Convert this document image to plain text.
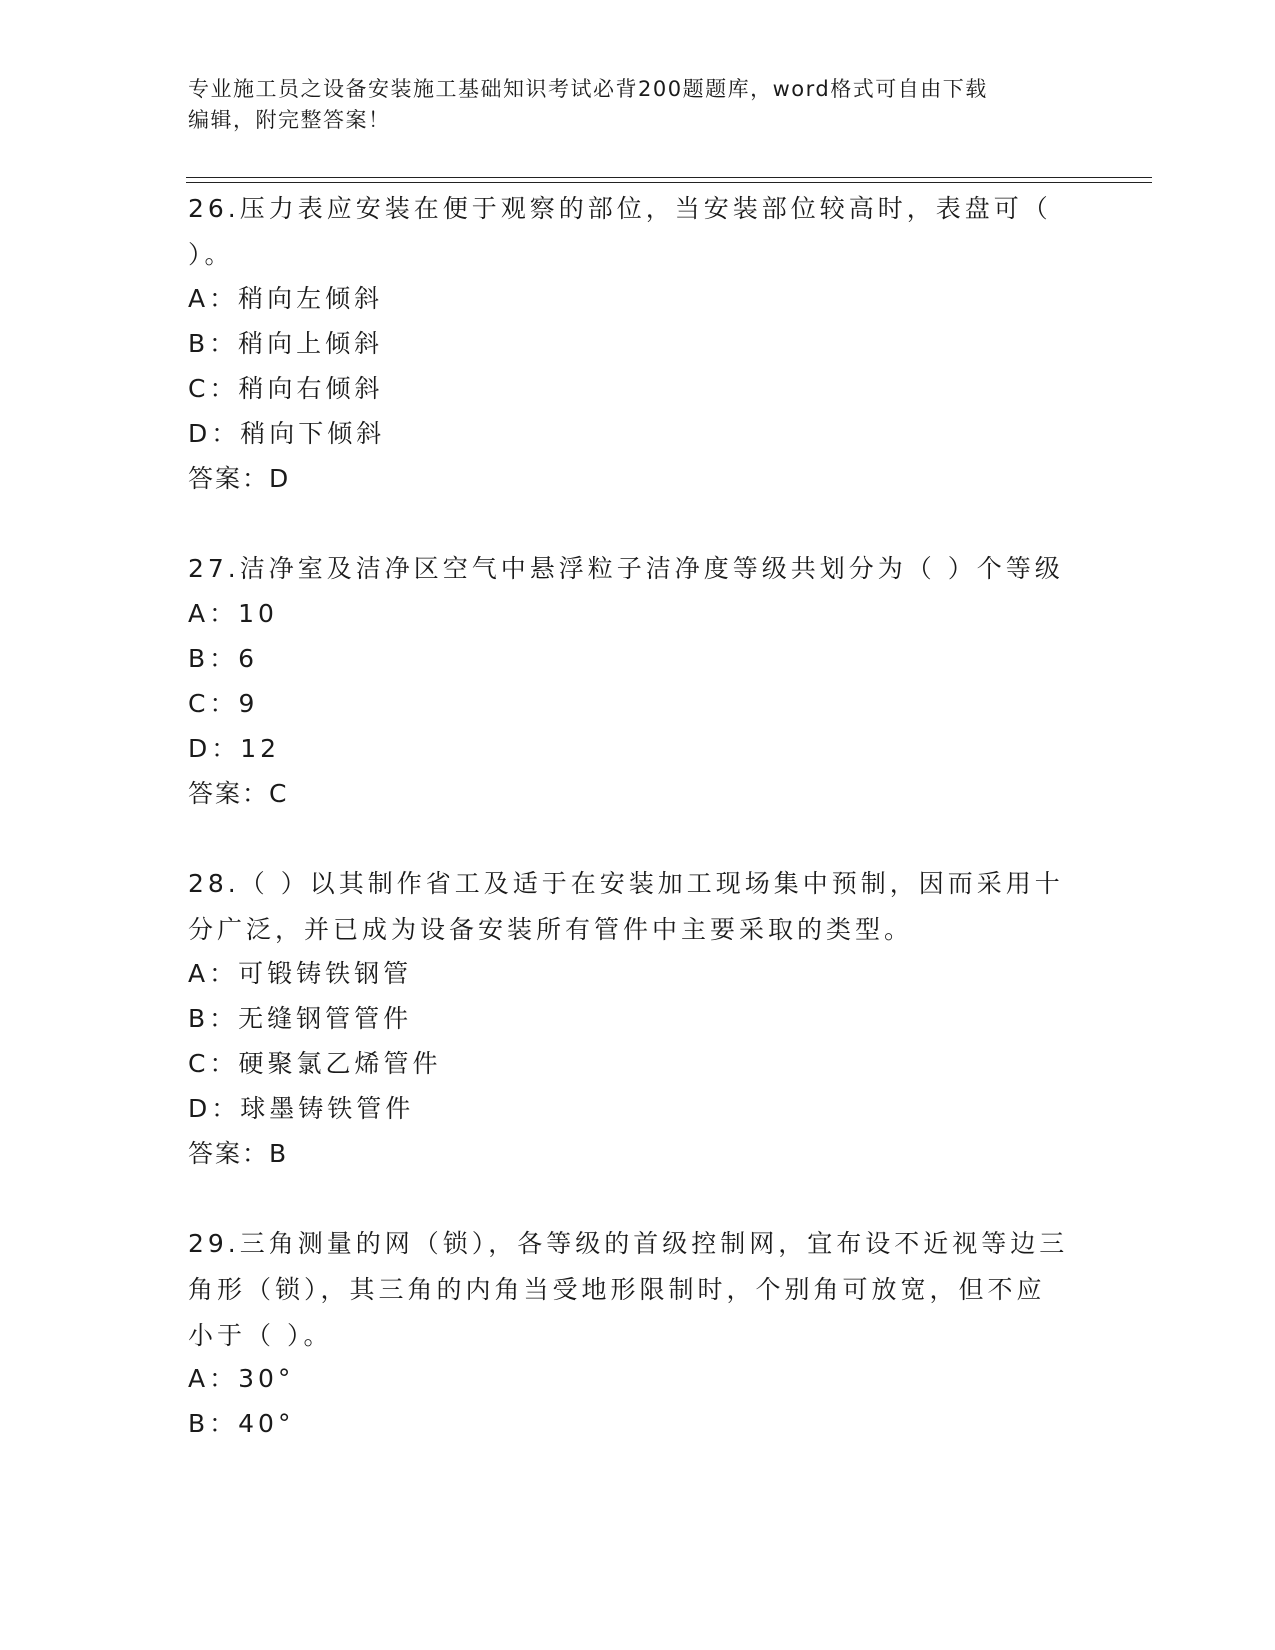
专业施工员之设备安装施工基础知识考试必背200题题库，word格式可自由下载
编辑，附完整答案！
26.压力表应安装在便于观察的部位，当安装部位较高时，表盘可（
）。
A：稍向左倾斜
B：稍向上倾斜
C：稍向右倾斜
D：稍向下倾斜
答案：D
27.洁净室及洁净区空气中悬浮粒子洁净度等级共划分为（ ）个等级
A：10
B：6
C：9
D：12
答案：C
28.（ ）以其制作省工及适于在安装加工现场集中预制，因而采用十
分广泛，并已成为设备安装所有管件中主要采取的类型。
A：可锻铸铁钢管
B：无缝钢管管件
C：硬聚氯乙烯管件
D：球墨铸铁管件
答案：B
29.三角测量的网（锁），各等级的首级控制网，宜布设不近视等边三
角形（锁），其三角的内角当受地形限制时，个别角可放宽，但不应
小于（ ）。
A：30°
B：40°
